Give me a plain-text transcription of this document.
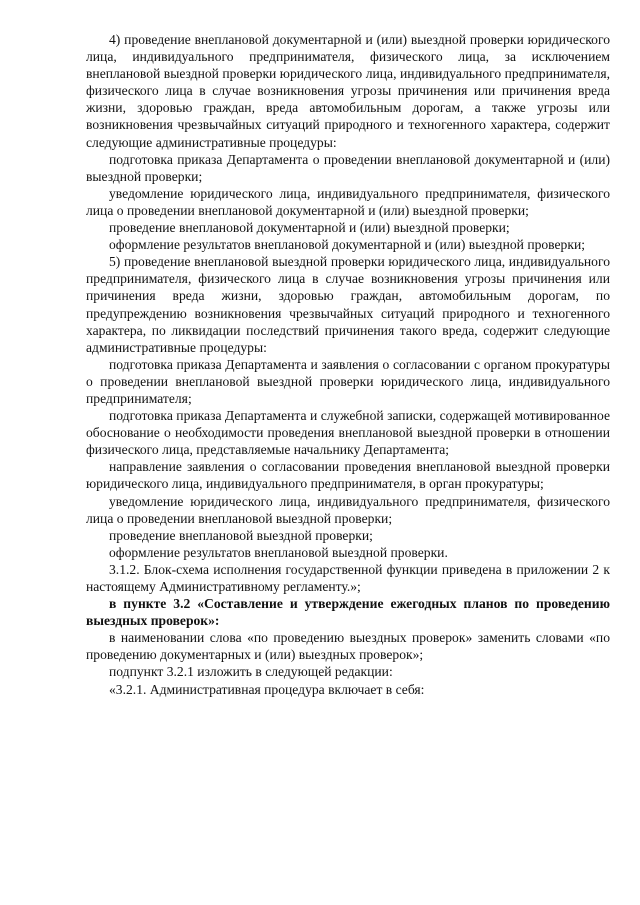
4) проведение внеплановой документарной и (или) выездной проверки юридического лица, индивидуального предпринимателя, физического лица, за исключением внеплановой выездной проверки юридического лица, индивидуального предпринимателя, физического лица в случае возникновения угрозы причинения или причинения вреда жизни, здоровью граждан, вреда автомобильным дорогам, а также угрозы или возникновения чрезвычайных ситуаций природного и техногенного характера, содержит следующие административные процедуры:

подготовка приказа Департамента о проведении внеплановой документарной и (или) выездной проверки;

уведомление юридического лица, индивидуального предпринимателя, физического лица о проведении внеплановой документарной и (или) выездной проверки;

проведение внеплановой документарной и (или) выездной проверки;

оформление результатов внеплановой документарной и (или) выездной проверки;

5) проведение внеплановой выездной проверки юридического лица, индивидуального предпринимателя, физического лица в случае возникновения угрозы причинения или причинения вреда жизни, здоровью граждан, автомобильным дорогам, по предупреждению возникновения чрезвычайных ситуаций природного и техногенного характера, по ликвидации последствий причинения такого вреда, содержит следующие административные процедуры:

подготовка приказа Департамента и заявления о согласовании с органом прокуратуры о проведении внеплановой выездной проверки юридического лица, индивидуального предпринимателя;

подготовка приказа Департамента и служебной записки, содержащей мотивированное обоснование о необходимости проведения внеплановой выездной проверки в отношении физического лица, представляемые начальнику Департамента;

направление заявления о согласовании проведения внеплановой выездной проверки юридического лица, индивидуального предпринимателя, в орган прокуратуры;

уведомление юридического лица, индивидуального предпринимателя, физического лица о проведении внеплановой выездной проверки;

проведение внеплановой выездной проверки;

оформление результатов внеплановой выездной проверки.

3.1.2. Блок-схема исполнения государственной функции приведена в приложении 2 к настоящему Административному регламенту.»;

в пункте 3.2 «Составление и утверждение ежегодных планов по проведению выездных проверок»:

в наименовании слова «по проведению выездных проверок» заменить словами «по проведению документарных и (или) выездных проверок»;

подпункт 3.2.1 изложить в следующей редакции:

«3.2.1. Административная процедура включает в себя:
